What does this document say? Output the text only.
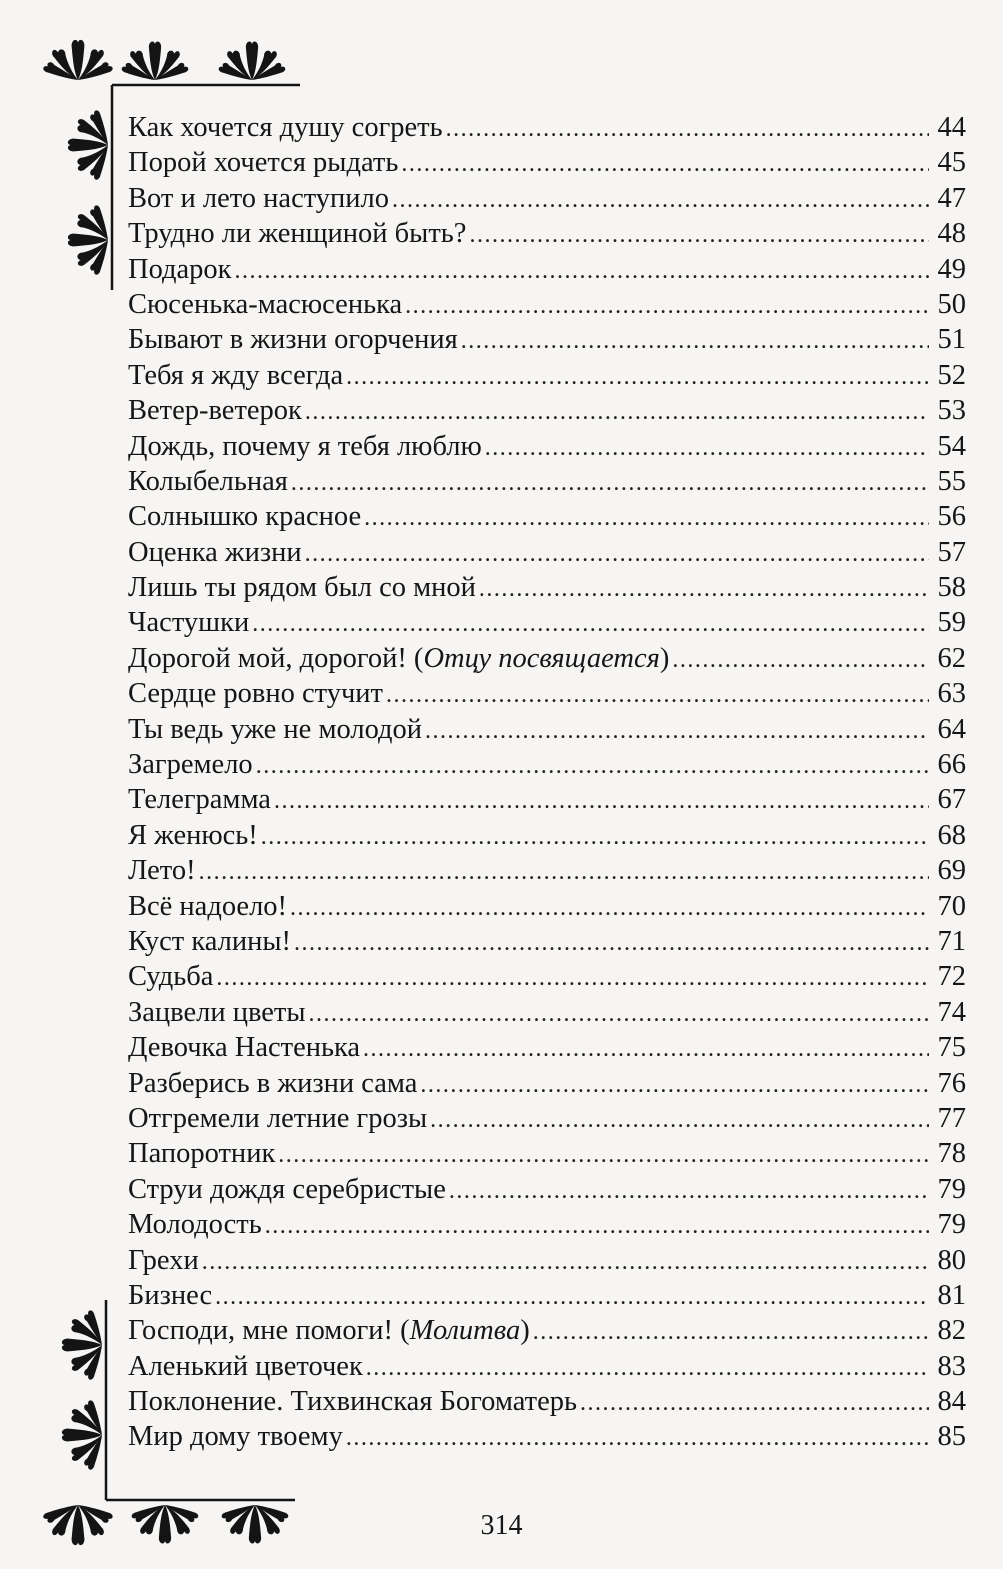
Как хочется душу согреть .....	44
Порой хочется рыдать .....	45
Вот и лето наступило .....	47
Трудно ли женщиной быть? .....	48
Подарок .....	49
Сюсенька-масюсенька .....	50
Бывают в жизни огорчения .....	51
Тебя я жду всегда .....	52
Ветер-ветерок .....	53
Дождь, почему я тебя люблю .....	54
Колыбельная .....	55
Солнышко красное .....	56
Оценка жизни .....	57
Лишь ты рядом был со мной .....	58
Частушки .....	59
Дорогой мой, дорогой! (Отцу посвящается) .....	62
Сердце ровно стучит .....	63
Ты ведь уже не молодой .....	64
Загремело .....	66
Телеграмма .....	67
Я женюсь! .....	68
Лето! .....	69
Всё надоело! .....	70
Куст калины! .....	71
Судьба .....	72
Зацвели цветы .....	74
Девочка Настенька .....	75
Разберись в жизни сама .....	76
Отгремели летние грозы .....	77
Папоротник .....	78
Струи дождя серебристые .....	79
Молодость .....	79
Грехи .....	80
Бизнес .....	81
Господи, мне помоги! (Молитва) .....	82
Аленький цветочек .....	83
Поклонение. Тихвинская Богоматерь .....	84
Мир дому твоему .....	85
314
